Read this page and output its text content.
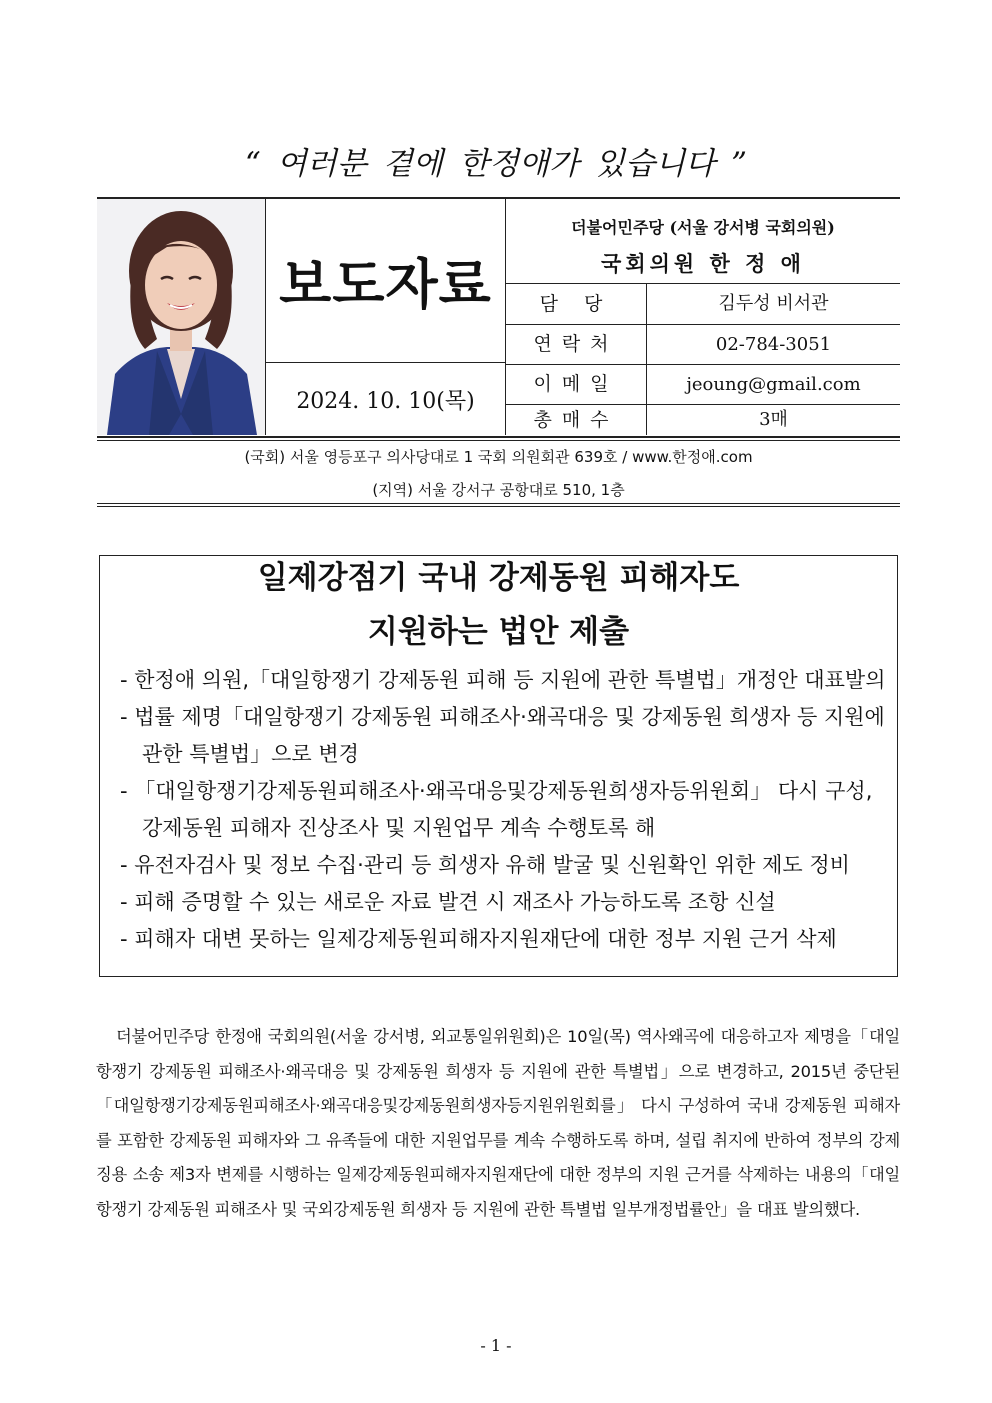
“ 여러분 곁에 한정애가 있습니다 ”
보도자료
2024. 10. 10(목)
더불어민주당 (서울 강서병 국회의원)
국회의원 한 정 애
담 당	김두성 비서관
연락처	02-784-3051
이메일	jeoung@gmail.com
총매수	3매
(국회) 서울 영등포구 의사당대로 1 국회 의원회관 639호 / www.한정애.com
(지역) 서울 강서구 공항대로 510, 1층
일제강점기 국내 강제동원 피해자도
지원하는 법안 제출
- 한정애 의원,「대일항쟁기 강제동원 피해 등 지원에 관한 특별법」개정안 대표발의
- 법률 제명「대일항쟁기 강제동원 피해조사·왜곡대응 및 강제동원 희생자 등 지원에 관한 특별법」으로 변경
- 「대일항쟁기강제동원피해조사·왜곡대응및강제동원희생자등위원회」 다시 구성, 강제동원 피해자 진상조사 및 지원업무 계속 수행토록 해
- 유전자검사 및 정보 수집·관리 등 희생자 유해 발굴 및 신원확인 위한 제도 정비
- 피해 증명할 수 있는 새로운 자료 발견 시 재조사 가능하도록 조항 신설
- 피해자 대변 못하는 일제강제동원피해자지원재단에 대한 정부 지원 근거 삭제
더불어민주당 한정애 국회의원(서울 강서병, 외교통일위원회)은 10일(목) 역사왜곡에 대응하고자 제명을「대일항쟁기 강제동원 피해조사·왜곡대응 및 강제동원 희생자 등 지원에 관한 특별법」으로 변경하고, 2015년 중단된「대일항쟁기강제동원피해조사·왜곡대응및강제동원희생자등지원위원회를」 다시 구성하여 국내 강제동원 피해자를 포함한 강제동원 피해자와 그 유족들에 대한 지원업무를 계속 수행하도록 하며, 설립 취지에 반하여 정부의 강제징용 소송 제3자 변제를 시행하는 일제강제동원피해자지원재단에 대한 정부의 지원 근거를 삭제하는 내용의「대일항쟁기 강제동원 피해조사 및 국외강제동원 희생자 등 지원에 관한 특별법 일부개정법률안」을 대표 발의했다.
- 1 -
